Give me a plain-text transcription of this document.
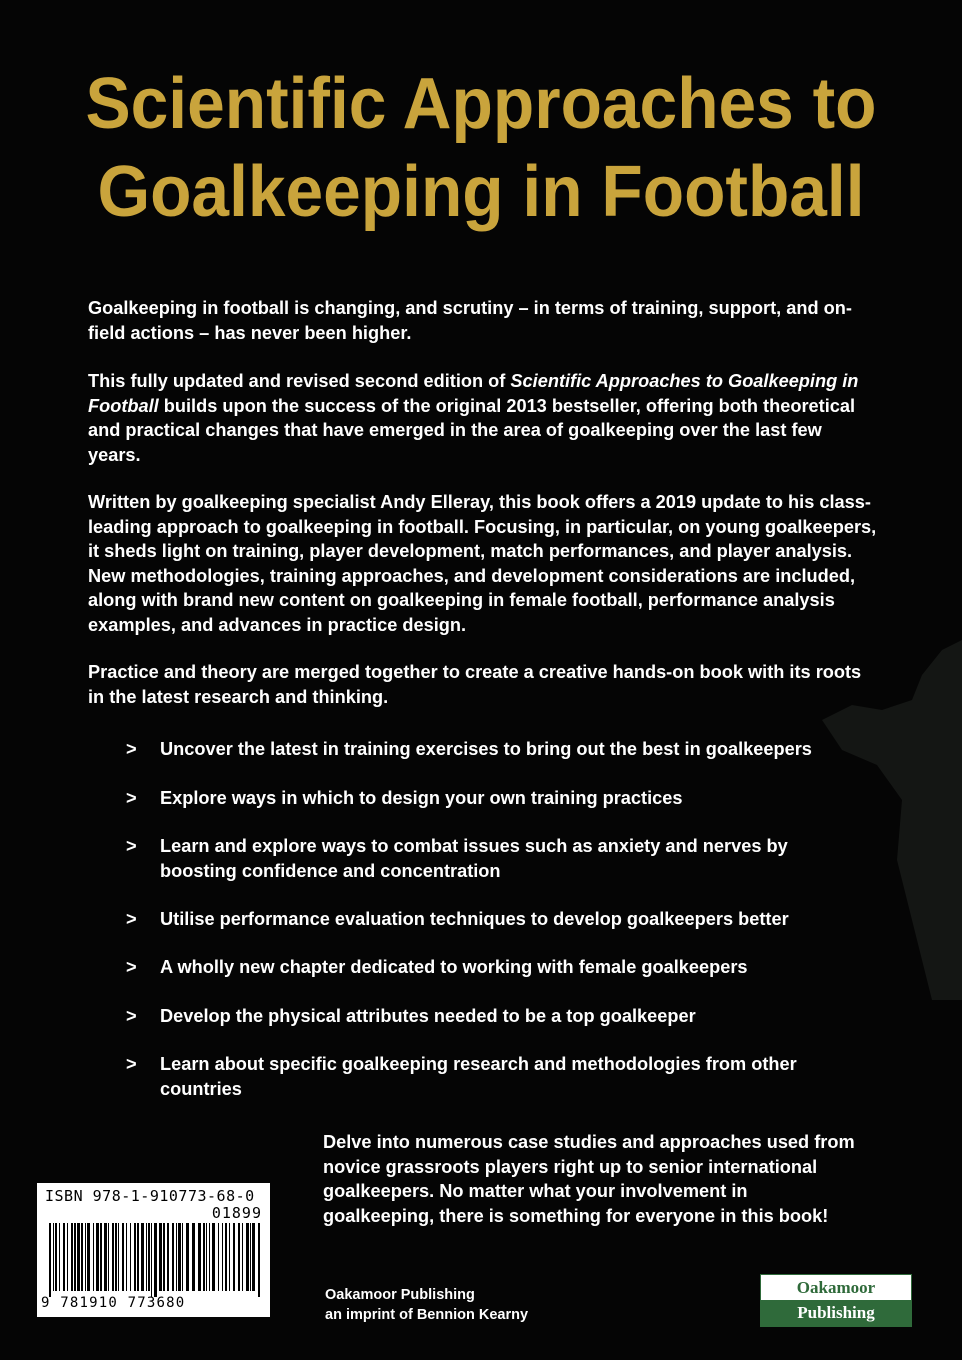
Scientific Approaches to
Goalkeeping in Football
Goalkeeping in football is changing, and scrutiny – in terms of training, support, and on-field actions – has never been higher.
This fully updated and revised second edition of Scientific Approaches to Goalkeeping in Football builds upon the success of the original 2013 bestseller, offering both theoretical and practical changes that have emerged in the area of goalkeeping over the last few years.
Written by goalkeeping specialist Andy Elleray, this book offers a 2019 update to his class-leading approach to goalkeeping in football. Focusing, in particular, on young goalkeepers, it sheds light on training, player development, match performances, and player analysis. New methodologies, training approaches, and development considerations are included, along with brand new content on goalkeeping in female football, performance analysis examples, and advances in practice design.
Practice and theory are merged together to create a creative hands-on book with its roots in the latest research and thinking.
> Uncover the latest in training exercises to bring out the best in goalkeepers
> Explore ways in which to design your own training practices
> Learn and explore ways to combat issues such as anxiety and nerves by boosting confidence and concentration
> Utilise performance evaluation techniques to develop goalkeepers better
> A wholly new chapter dedicated to working with female goalkeepers
> Develop the physical attributes needed to be a top goalkeeper
> Learn about specific goalkeeping research and methodologies from other countries
Delve into numerous case studies and approaches used from novice grassroots players right up to senior international goalkeepers. No matter what your involvement in goalkeeping, there is something for everyone in this book!
ISBN 978-1-910773-68-0
01899
9 781910 773680	Oakamoor Publishing
an imprint of Bennion Kearny
Oakamoor
Publishing
